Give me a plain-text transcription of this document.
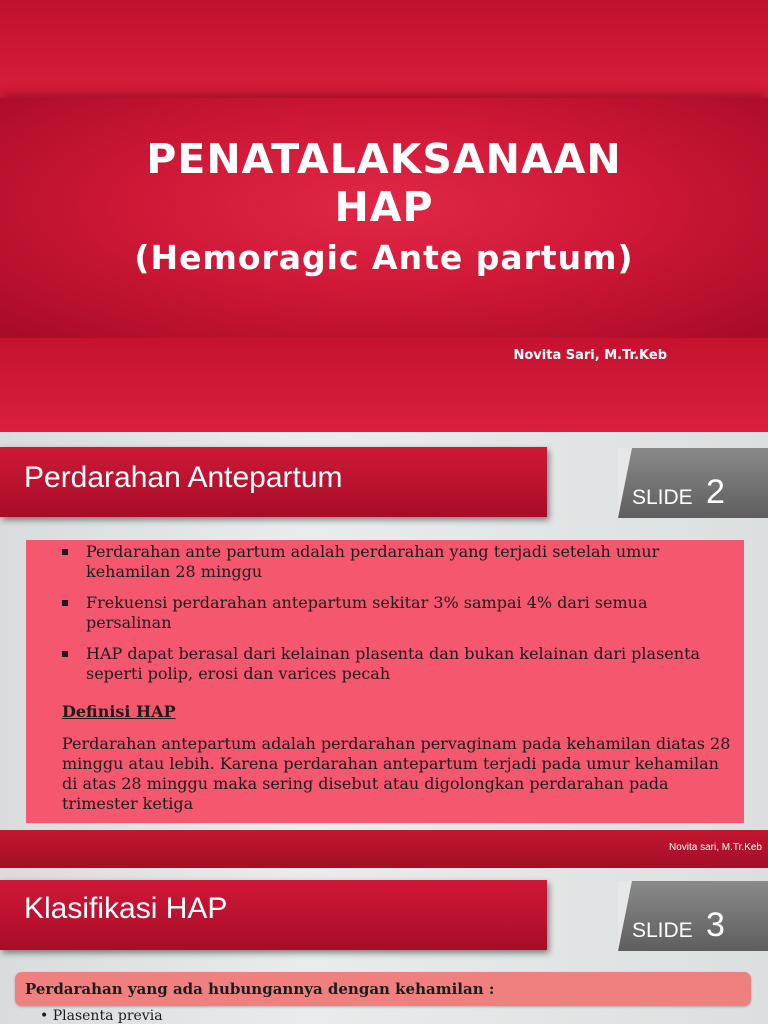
PENATALAKSANAAN
HAP
(Hemoragic Ante partum)
Novita Sari, M.Tr.Keb
Perdarahan Antepartum
SLIDE 2
Perdarahan ante partum adalah perdarahan yang terjadi setelah umur kehamilan 28 minggu
Frekuensi perdarahan antepartum sekitar 3% sampai 4% dari semua persalinan
HAP dapat berasal dari kelainan plasenta dan bukan kelainan dari plasenta seperti polip, erosi dan varices pecah
Definisi HAP
Perdarahan antepartum adalah perdarahan pervaginam pada kehamilan diatas 28 minggu atau lebih. Karena perdarahan antepartum terjadi pada umur kehamilan di atas 28 minggu maka sering disebut atau digolongkan perdarahan pada trimester ketiga
Novita sari, M.Tr.Keb
Klasifikasi HAP
SLIDE 3
Perdarahan yang ada hubungannya dengan kehamilan :
• Plasenta previa
